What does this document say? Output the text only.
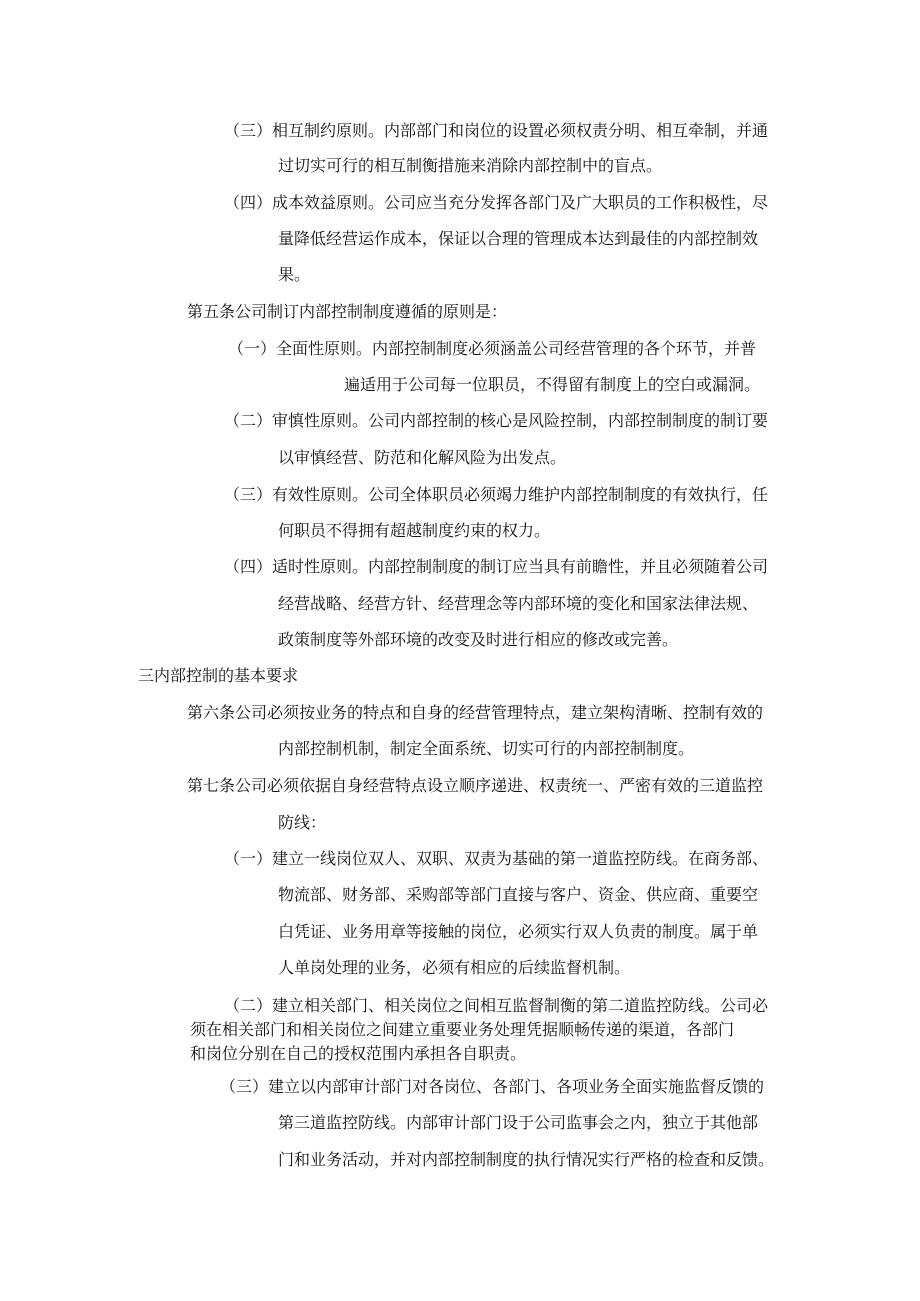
（三）相互制约原则。内部部门和岗位的设置必须权责分明、相互牵制，并通
过切实可行的相互制衡措施来消除内部控制中的盲点。
（四）成本效益原则。公司应当充分发挥各部门及广大职员的工作积极性，尽
量降低经营运作成本，保证以合理的管理成本达到最佳的内部控制效
果。
第五条公司制订内部控制制度遵循的原则是：
（一）全面性原则。内部控制制度必须涵盖公司经营管理的各个环节，并普
遍适用于公司每一位职员，不得留有制度上的空白或漏洞。
（二）审慎性原则。公司内部控制的核心是风险控制，内部控制制度的制订要
以审慎经营、防范和化解风险为出发点。
（三）有效性原则。公司全体职员必须竭力维护内部控制制度的有效执行，任
何职员不得拥有超越制度约束的权力。
（四）适时性原则。内部控制制度的制订应当具有前瞻性，并且必须随着公司
经营战略、经营方针、经营理念等内部环境的变化和国家法律法规、
政策制度等外部环境的改变及时进行相应的修改或完善。
三内部控制的基本要求
第六条公司必须按业务的特点和自身的经营管理特点，建立架构清晰、控制有效的
内部控制机制，制定全面系统、切实可行的内部控制制度。
第七条公司必须依据自身经营特点设立顺序递进、权责统一、严密有效的三道监控
防线：
（一）建立一线岗位双人、双职、双责为基础的第一道监控防线。在商务部、
物流部、财务部、采购部等部门直接与客户、资金、供应商、重要空
白凭证、业务用章等接触的岗位，必须实行双人负责的制度。属于单
人单岗处理的业务，必须有相应的后续监督机制。
（二）建立相关部门、相关岗位之间相互监督制衡的第二道监控防线。公司必
须在相关部门和相关岗位之间建立重要业务处理凭据顺畅传递的渠道，各部门
和岗位分别在自己的授权范围内承担各自职责。
（三）建立以内部审计部门对各岗位、各部门、各项业务全面实施监督反馈的
第三道监控防线。内部审计部门设于公司监事会之内，独立于其他部
门和业务活动，并对内部控制制度的执行情况实行严格的检查和反馈。
